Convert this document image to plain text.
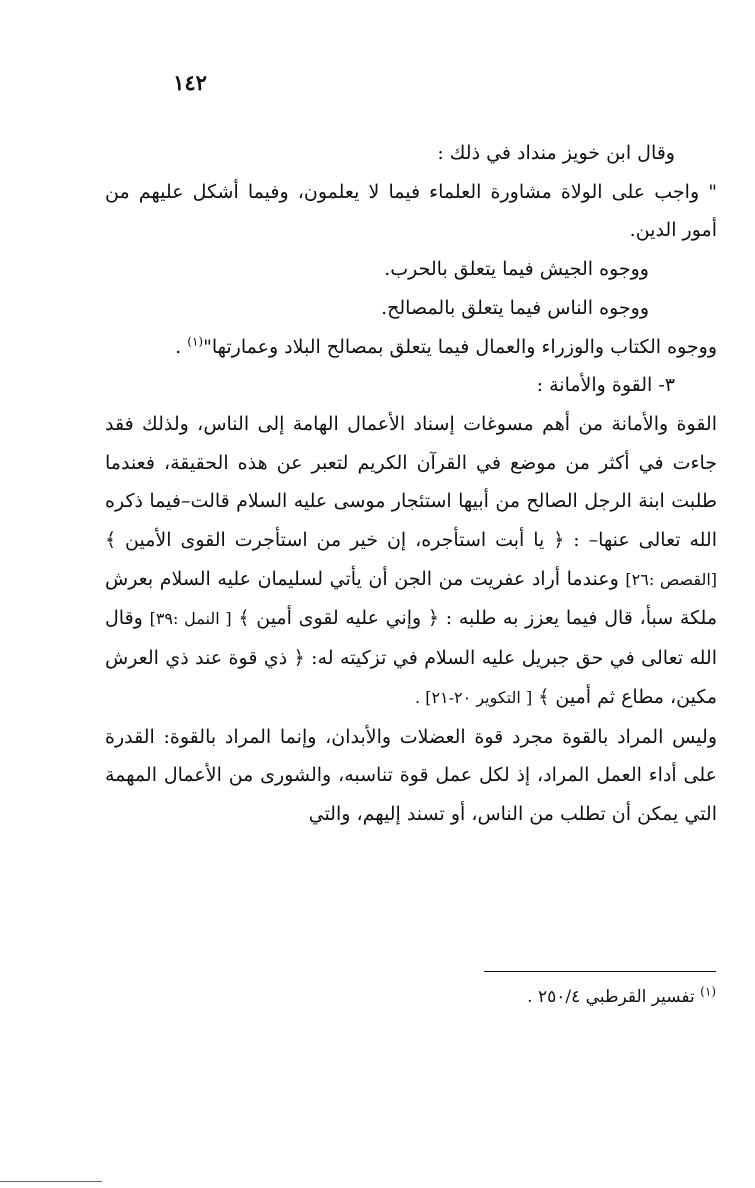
١٤٢

وقال ابن خويز منداد في ذلك :

" واجب على الولاة مشاورة العلماء فيما لا يعلمون، وفيما أشكل عليهم من أمور الدين.

ووجوه الجيش فيما يتعلق بالحرب.

ووجوه الناس فيما يتعلق بالمصالح.

ووجوه الكتاب والوزراء والعمال فيما يتعلق بمصالح البلاد وعمارتها"$^{(١)}$ .

٣- القوة والأمانة :

القوة والأمانة من أهم مسوغات إسناد الأعمال الهامة إلى الناس، ولذلك فقد جاءت في أكثر من موضع في القرآن الكريم لتعبر عن هذه الحقيقة، فعندما طلبت ابنة الرجل الصالح من أبيها استئجار موسى عليه السلام قالت–فيما ذكره الله تعالى عنها– : ﴿ يا أبت استأجره، إن خير من استأجرت القوى الأمين ﴾ [القصص :٢٦] وعندما أراد عفريت من الجن أن يأتي لسليمان عليه السلام بعرش ملكة سبأ، قال فيما يعزز به طلبه : ﴿ وإني عليه لقوى أمين ﴾ [ النمل :٣٩] وقال الله تعالى في حق جبريل عليه السلام في تزكيته له: ﴿ ذي قوة عند ذي العرش مكين، مطاع ثم أمين ﴾ [ التكوير ٢٠-٢١] .

وليس المراد بالقوة مجرد قوة العضلات والأبدان، وإنما المراد بالقوة: القدرة على أداء العمل المراد، إذ لكل عمل قوة تناسبه، والشورى من الأعمال المهمة التي يمكن أن تطلب من الناس، أو تسند إليهم، والتي

$^{(١)}$ تفسير القرطبي ٢٥٠/٤ .
